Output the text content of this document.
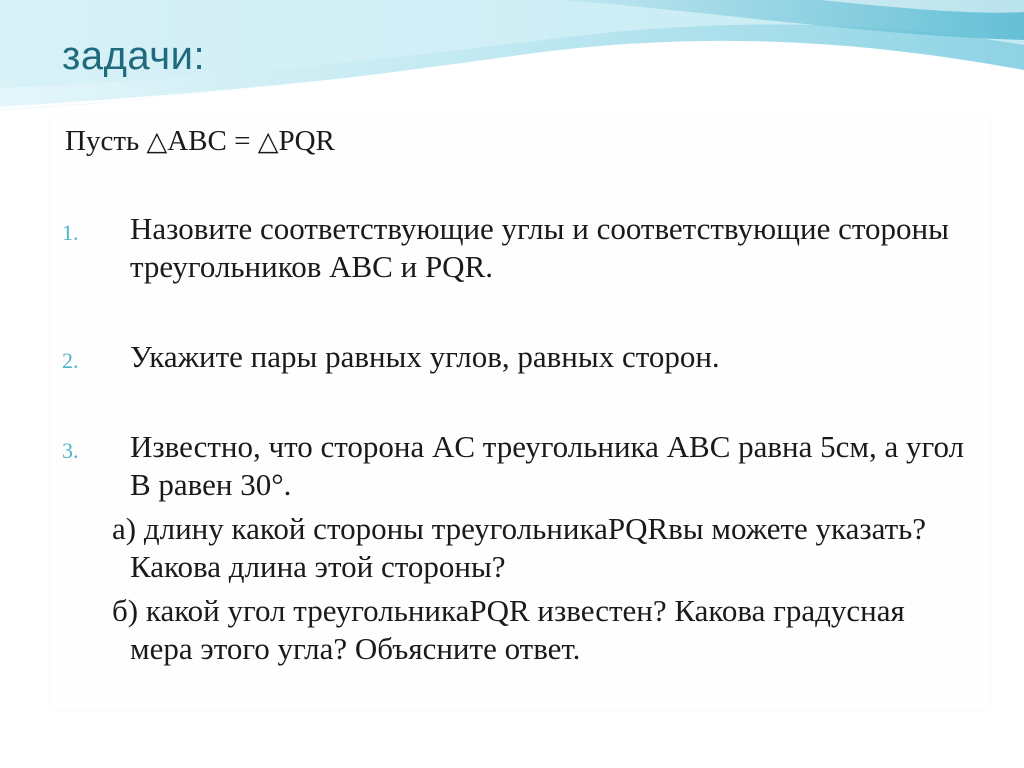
задачи:
Пусть △ABC = △PQR
1. Назовите соответствующие углы и соответствующие стороны треугольников ABC и PQR.
2. Укажите пары равных углов, равных сторон.
3. Известно, что сторона AC треугольника ABC равна 5см, а угол B равен 30°.
а) длину какой стороны треугольникаPQRвы можете указать? Какова длина этой стороны?
б) какой угол треугольникаPQR известен? Какова градусная мера этого угла? Объясните ответ.
